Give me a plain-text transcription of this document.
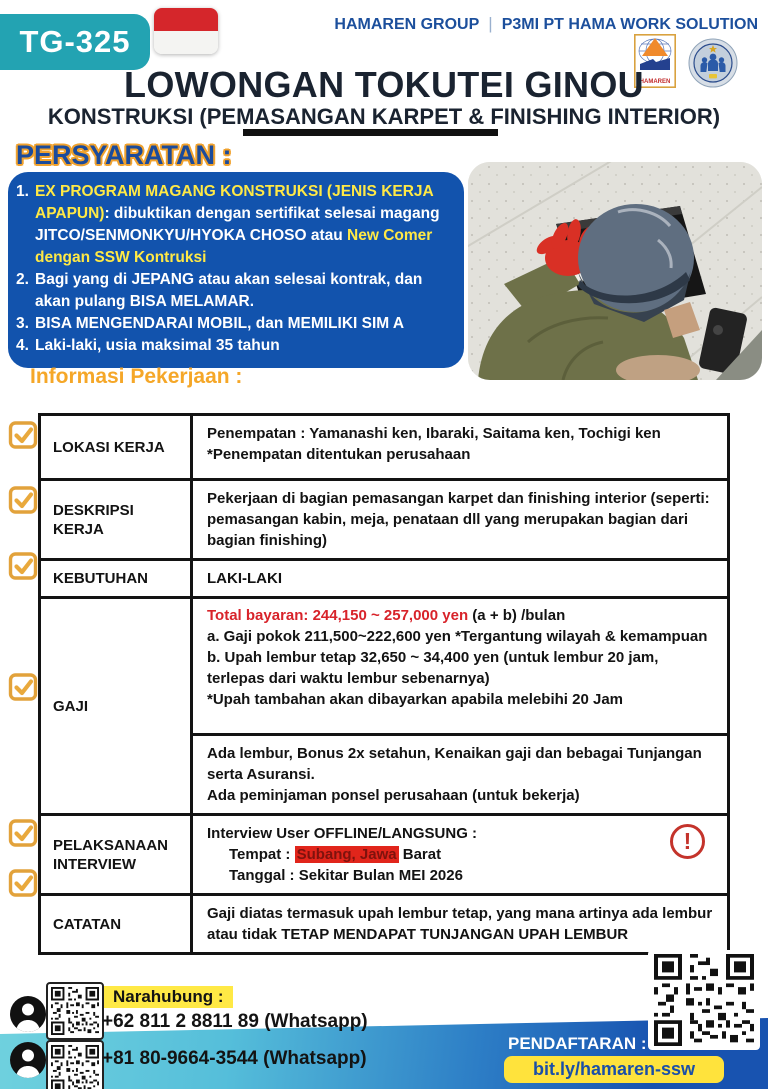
TG-325	HAMAREN GROUP | P3MI PT HAMA WORK SOLUTION
HAMAREN
LOWONGAN TOKUTEI GINOU
KONSTRUKSI (PEMASANGAN KARPET & FINISHING INTERIOR)
PERSYARATAN :
1. EX PROGRAM MAGANG KONSTRUKSI (JENIS KERJA APAPUN): dibuktikan dengan sertifikat selesai magang JITCO/SENMONKYU/HYOKA CHOSO atau New Comer dengan SSW Kontruksi
2. Bagi yang di JEPANG atau akan selesai kontrak, dan akan pulang BISA MELAMAR.
3. BISA MENGENDARAI MOBIL, dan MEMILIKI SIM A
4. Laki-laki, usia maksimal 35 tahun
Informasi Pekerjaan :
LOKASI KERJA
Penempatan : Yamanashi ken, Ibaraki, Saitama ken, Tochigi ken
*Penempatan ditentukan perusahaan
DESKRIPSI KERJA
Pekerjaan di bagian pemasangan karpet dan finishing interior (seperti: pemasangan kabin, meja, penataan dll yang merupakan bagian dari bagian finishing)
KEBUTUHAN	LAKI-LAKI
GAJI
Total bayaran: 244,150 ~ 257,000 yen (a + b) /bulan
a. Gaji pokok 211,500~222,600 yen *Tergantung wilayah & kemampuan
b. Upah lembur tetap 32,650 ~ 34,400 yen (untuk lembur 20 jam, terlepas dari waktu lembur sebenarnya)
*Upah tambahan akan dibayarkan apabila melebihi 20 Jam
Ada lembur, Bonus 2x setahun, Kenaikan gaji dan bebagai Tunjangan serta Asuransi.
Ada peminjaman ponsel perusahaan (untuk bekerja)
PELAKSANAAN INTERVIEW
Interview User OFFLINE/LANGSUNG :
Tempat : Subang, Jawa Barat
Tanggal : Sekitar Bulan MEI 2026
!
CATATAN
Gaji diatas termasuk upah lembur tetap, yang mana artinya ada lembur atau tidak TETAP MENDAPAT TUNJANGAN UPAH LEMBUR
Narahubung :
+62 811 2 8811 89 (Whatsapp)
+81 80-9664-3544 (Whatsapp)
PENDAFTARAN :
bit.ly/hamaren-ssw
